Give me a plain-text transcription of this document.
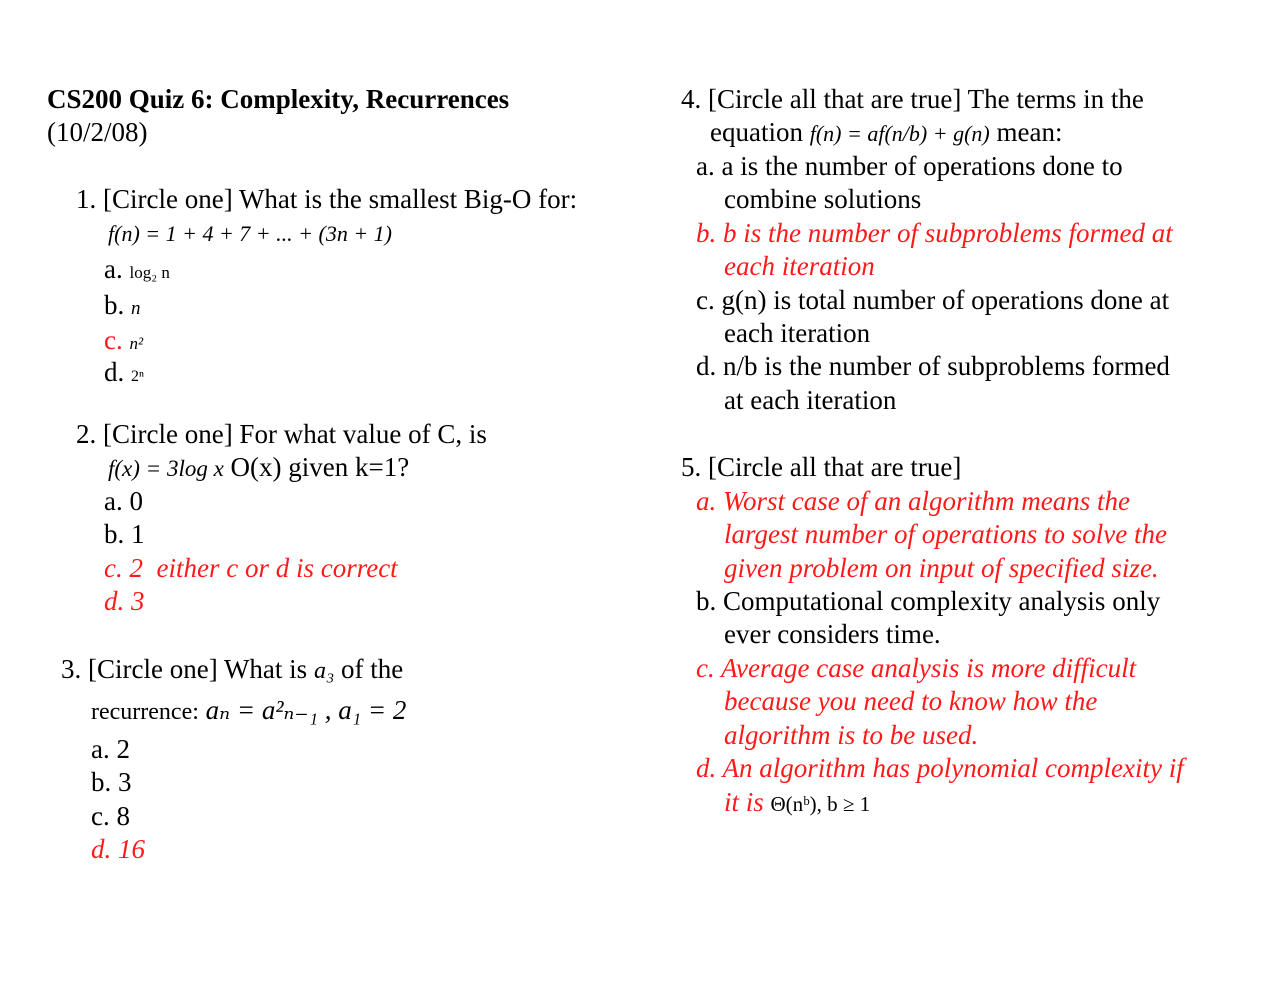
CS200 Quiz 6: Complexity, Recurrences
(10/2/08)
1. [Circle one] What is the smallest Big-O for:
f(n) = 1 + 4 + 7 + ... + (3n + 1)
a. log₂ n
b. n
c. n²
d. 2ⁿ
2. [Circle one] For what value of C, is
f(x) = 3log x O(x) given k=1?
a. 0
b. 1
c. 2  either c or d is correct
d. 3
3. [Circle one] What is a₃ of the
recurrence: aₙ = a²ₙ₋₁ , a₁ = 2
a. 2
b. 3
c. 8
d. 16
4. [Circle all that are true] The terms in the
equation f(n) = af(n/b) + g(n) mean:
a. a is the number of operations done to
combine solutions
b. b is the number of subproblems formed at
each iteration
c. g(n) is total number of operations done at
each iteration
d. n/b is the number of subproblems formed
at each iteration
5. [Circle all that are true]
a. Worst case of an algorithm means the
largest number of operations to solve the
given problem on input of specified size.
b. Computational complexity analysis only
ever considers time.
c. Average case analysis is more difficult
because you need to know how the
algorithm is to be used.
d. An algorithm has polynomial complexity if
it is Θ(nᵇ), b ≥ 1
